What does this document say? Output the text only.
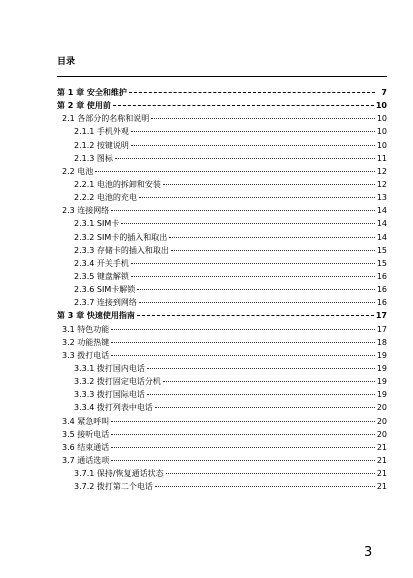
目录
第 1 章 安全和维护	7
第 2 章 使用前	10
2.1 各部分的名称和说明	10
2.1.1 手机外观	10
2.1.2 按键说明	10
2.1.3 图标	11
2.2 电池	12
2.2.1 电池的拆卸和安装	12
2.2.2 电池的充电	13
2.3 连接网络	14
2.3.1 SIM卡	14
2.3.2 SIM卡的插入和取出	14
2.3.3 存储卡的插入和取出	15
2.3.4 开关手机	15
2.3.5 键盘解锁	16
2.3.6 SIM卡解锁	16
2.3.7 连接到网络	16
第 3 章 快速使用指南	17
3.1 特色功能	17
3.2 功能热键	18
3.3 拨打电话	19
3.3.1 拨打国内电话	19
3.3.2 拨打固定电话分机	19
3.3.3 拨打国际电话	19
3.3.4 拨打列表中电话	20
3.4 紧急呼叫	20
3.5 接听电话	20
3.6 结束通话	21
3.7 通话选项	21
3.7.1 保持/恢复通话状态	21
3.7.2 拨打第二个电话	21
3
